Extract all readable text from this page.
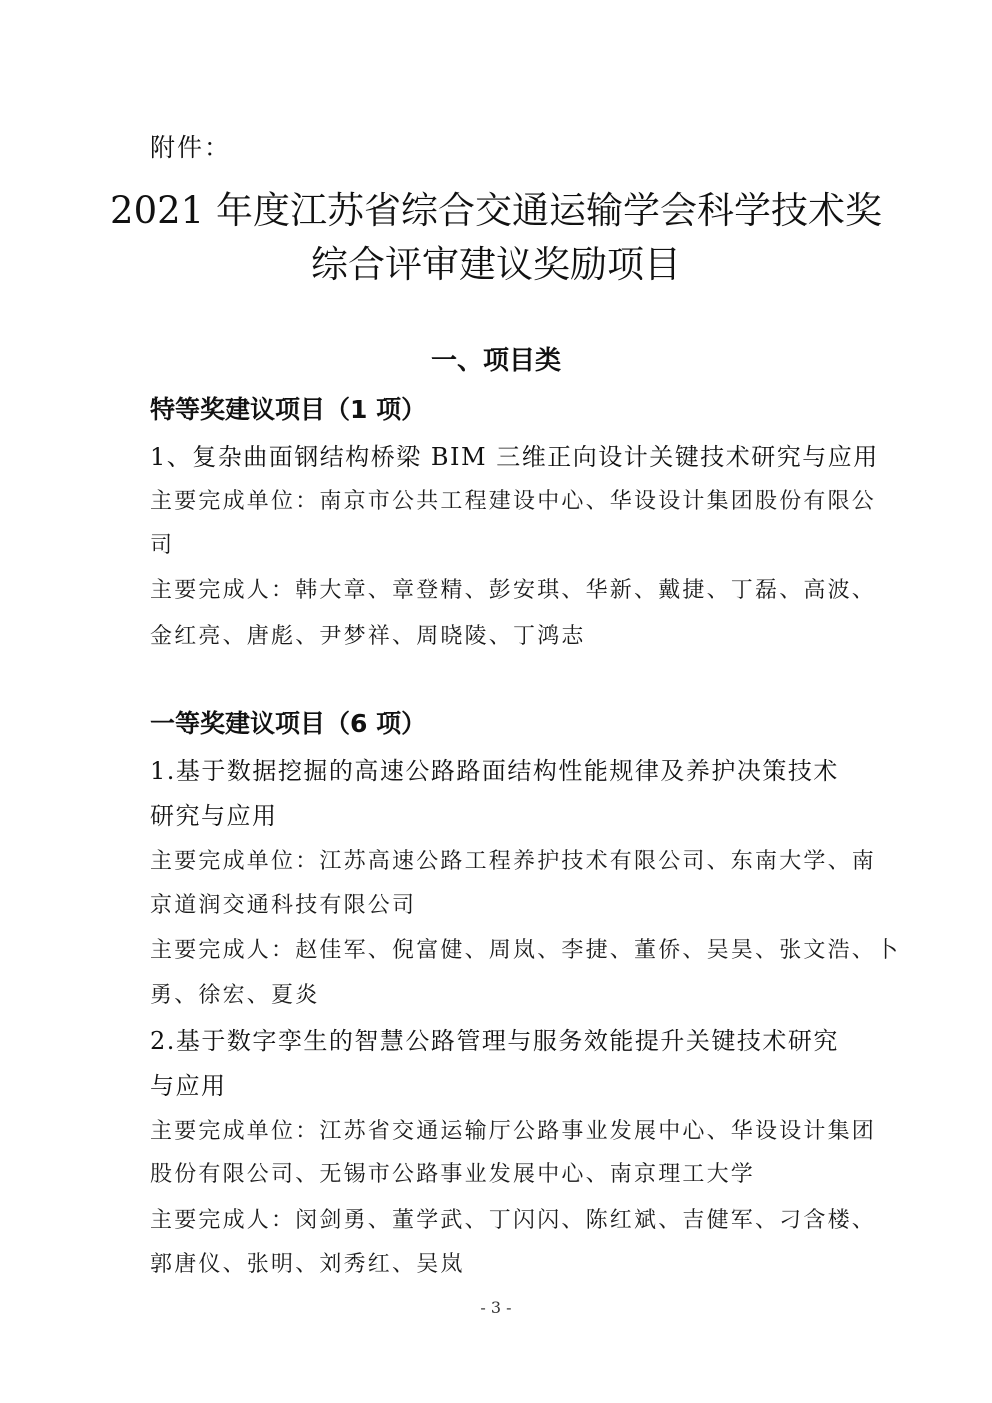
附件：

2021 年度江苏省综合交通运输学会科学技术奖
综合评审建议奖励项目
一、项目类
特等奖建议项目（1 项）

1、复杂曲面钢结构桥梁 BIM 三维正向设计关键技术研究与应用

主要完成单位：南京市公共工程建设中心、华设设计集团股份有限公

司

主要完成人：韩大章、章登精、彭安琪、华新、戴捷、丁磊、高波、

金红亮、唐彪、尹梦祥、周晓陵、丁鸿志

一等奖建议项目（6 项）

1.基于数据挖掘的高速公路路面结构性能规律及养护决策技术

研究与应用

主要完成单位：江苏高速公路工程养护技术有限公司、东南大学、南

京道润交通科技有限公司

主要完成人：赵佳军、倪富健、周岚、李捷、董侨、吴昊、张文浩、卜

勇、徐宏、夏炎

2.基于数字孪生的智慧公路管理与服务效能提升关键技术研究

与应用

主要完成单位：江苏省交通运输厅公路事业发展中心、华设设计集团

股份有限公司、无锡市公路事业发展中心、南京理工大学

主要完成人：闵剑勇、董学武、丁闪闪、陈红斌、吉健军、刁含楼、

郭唐仪、张明、刘秀红、吴岚

- 3 -
